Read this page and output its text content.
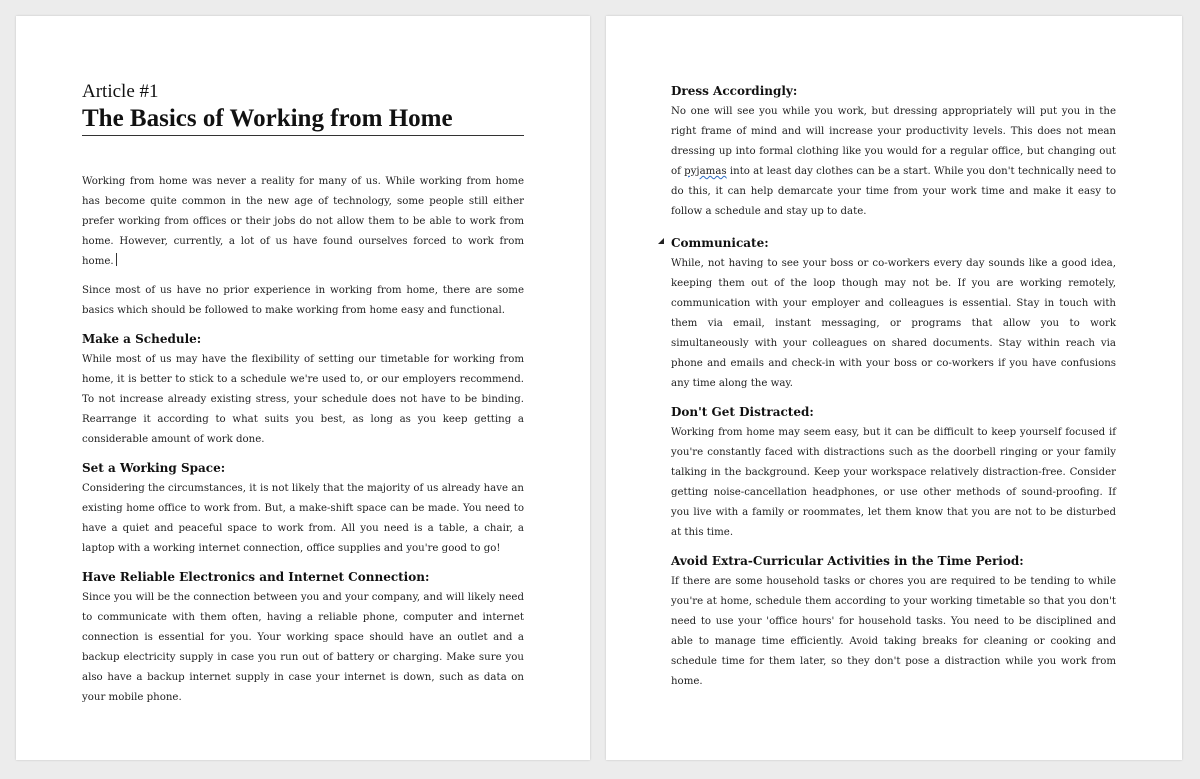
Article #1

The Basics of Working from Home

Working from home was never a reality for many of us. While working from home has become quite common in the new age of technology, some people still either prefer working from offices or their jobs do not allow them to be able to work from home. However, currently, a lot of us have found ourselves forced to work from home.

Since most of us have no prior experience in working from home, there are some basics which should be followed to make working from home easy and functional.

Make a Schedule:

While most of us may have the flexibility of setting our timetable for working from home, it is better to stick to a schedule we're used to, or our employers recommend. To not increase already existing stress, your schedule does not have to be binding. Rearrange it according to what suits you best, as long as you keep getting a considerable amount of work done.

Set a Working Space:

Considering the circumstances, it is not likely that the majority of us already have an existing home office to work from. But, a make-shift space can be made. You need to have a quiet and peaceful space to work from. All you need is a table, a chair, a laptop with a working internet connection, office supplies and you're good to go!

Have Reliable Electronics and Internet Connection:

Since you will be the connection between you and your company, and will likely need to communicate with them often, having a reliable phone, computer and internet connection is essential for you. Your working space should have an outlet and a backup electricity supply in case you run out of battery or charging. Make sure you also have a backup internet supply in case your internet is down, such as data on your mobile phone.

Dress Accordingly:

No one will see you while you work, but dressing appropriately will put you in the right frame of mind and will increase your productivity levels. This does not mean dressing up into formal clothing like you would for a regular office, but changing out of pyjamas into at least day clothes can be a start. While you don't technically need to do this, it can help demarcate your time from your work time and make it easy to follow a schedule and stay up to date.

Communicate:

While, not having to see your boss or co-workers every day sounds like a good idea, keeping them out of the loop though may not be. If you are working remotely, communication with your employer and colleagues is essential. Stay in touch with them via email, instant messaging, or programs that allow you to work simultaneously with your colleagues on shared documents. Stay within reach via phone and emails and check-in with your boss or co-workers if you have confusions any time along the way.

Don't Get Distracted:

Working from home may seem easy, but it can be difficult to keep yourself focused if you're constantly faced with distractions such as the doorbell ringing or your family talking in the background. Keep your workspace relatively distraction-free. Consider getting noise-cancellation headphones, or use other methods of sound-proofing. If you live with a family or roommates, let them know that you are not to be disturbed at this time.

Avoid Extra-Curricular Activities in the Time Period:

If there are some household tasks or chores you are required to be tending to while you're at home, schedule them according to your working timetable so that you don't need to use your 'office hours' for household tasks. You need to be disciplined and able to manage time efficiently. Avoid taking breaks for cleaning or cooking and schedule time for them later, so they don't pose a distraction while you work from home.
